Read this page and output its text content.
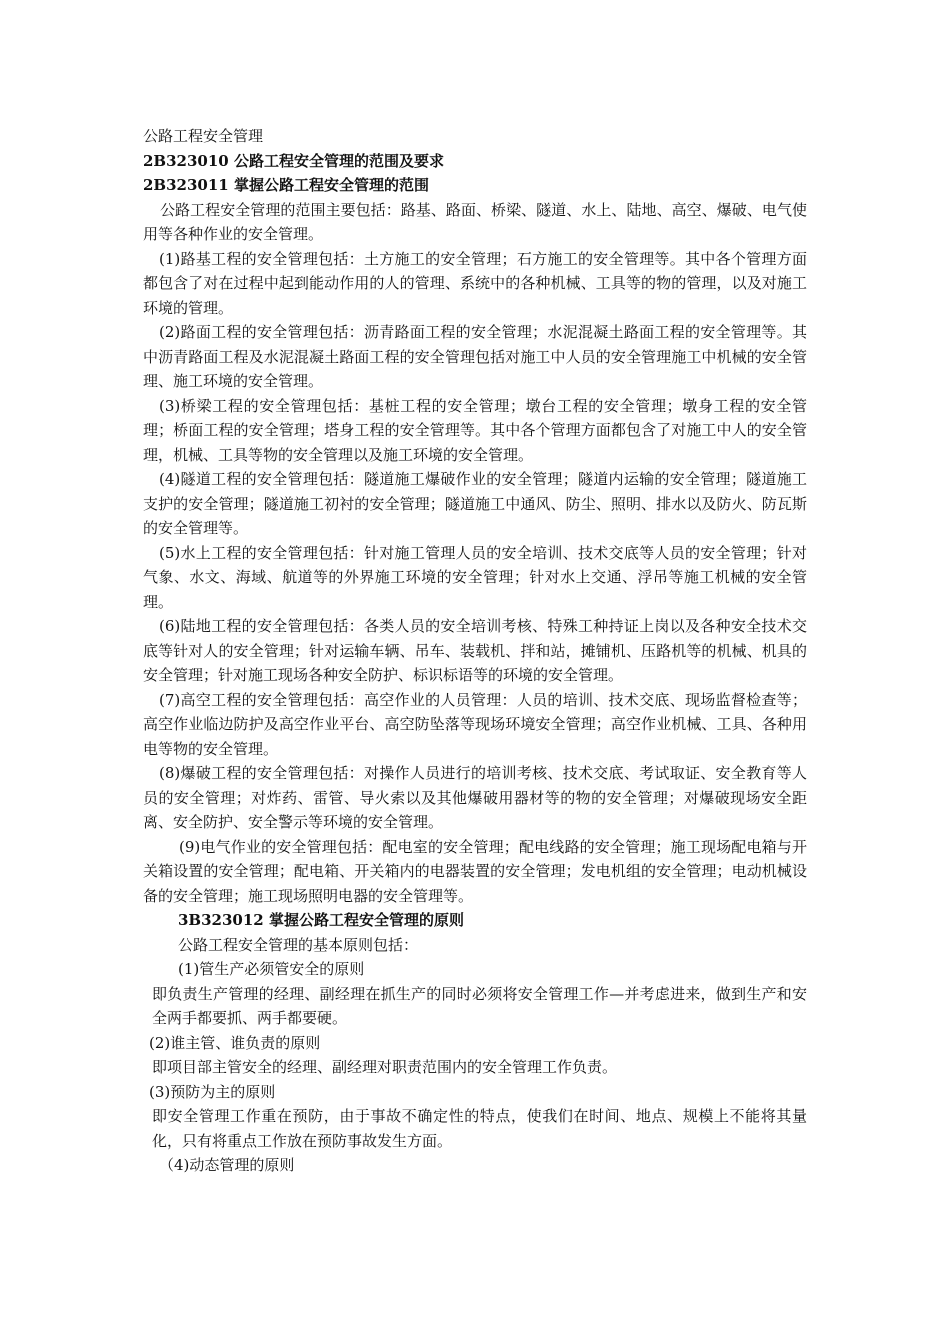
公路工程安全管理

2B323010 公路工程安全管理的范围及要求

2B323011 掌握公路工程安全管理的范围

公路工程安全管理的范围主要包括：路基、路面、桥梁、隧道、水上、陆地、高空、爆破、电气使用等各种作业的安全管理。

(1)路基工程的安全管理包括：土方施工的安全管理；石方施工的安全管理等。其中各个管理方面都包含了对在过程中起到能动作用的人的管理、系统中的各种机械、工具等的物的管理，以及对施工环境的管理。

(2)路面工程的安全管理包括：沥青路面工程的安全管理；水泥混凝土路面工程的安全管理等。其中沥青路面工程及水泥混凝土路面工程的安全管理包括对施工中人员的安全管理施工中机械的安全管理、施工环境的安全管理。

(3)桥梁工程的安全管理包括：基桩工程的安全管理；墩台工程的安全管理；墩身工程的安全管理；桥面工程的安全管理；塔身工程的安全管理等。其中各个管理方面都包含了对施工中人的安全管理，机械、工具等物的安全管理以及施工环境的安全管理。

(4)隧道工程的安全管理包括：隧道施工爆破作业的安全管理；隧道内运输的安全管理；隧道施工支护的安全管理；隧道施工初衬的安全管理；隧道施工中通风、防尘、照明、排水以及防火、防瓦斯的安全管理等。

(5)水上工程的安全管理包括：针对施工管理人员的安全培训、技术交底等人员的安全管理；针对气象、水文、海域、航道等的外界施工环境的安全管理；针对水上交通、浮吊等施工机械的安全管理。

(6)陆地工程的安全管理包括：各类人员的安全培训考核、特殊工种持证上岗以及各种安全技术交底等针对人的安全管理；针对运输车辆、吊车、装载机、拌和站，摊铺机、压路机等的机械、机具的安全管理；针对施工现场各种安全防护、标识标语等的环境的安全管理。

(7)高空工程的安全管理包括：高空作业的人员管理：人员的培训、技术交底、现场监督检查等；高空作业临边防护及高空作业平台、高空防坠落等现场环境安全管理；高空作业机械、工具、各种用电等物的安全管理。

(8)爆破工程的安全管理包括：对操作人员进行的培训考核、技术交底、考试取证、安全教育等人员的安全管理；对炸药、雷管、导火索以及其他爆破用器材等的物的安全管理；对爆破现场安全距离、安全防护、安全警示等环境的安全管理。

(9)电气作业的安全管理包括：配电室的安全管理；配电线路的安全管理；施工现场配电箱与开关箱设置的安全管理；配电箱、开关箱内的电器装置的安全管理；发电机组的安全管理；电动机械设备的安全管理；施工现场照明电器的安全管理等。

3B323012 掌握公路工程安全管理的原则

公路工程安全管理的基本原则包括：

(1)管生产必须管安全的原则

即负责生产管理的经理、副经理在抓生产的同时必须将安全管理工作—并考虑进来，做到生产和安全两手都要抓、两手都要硬。

(2)谁主管、谁负责的原则

即项目部主管安全的经理、副经理对职责范围内的安全管理工作负责。

(3)预防为主的原则

即安全管理工作重在预防，由于事故不确定性的特点，使我们在时间、地点、规模上不能将其量化，只有将重点工作放在预防事故发生方面。

（4)动态管理的原则
